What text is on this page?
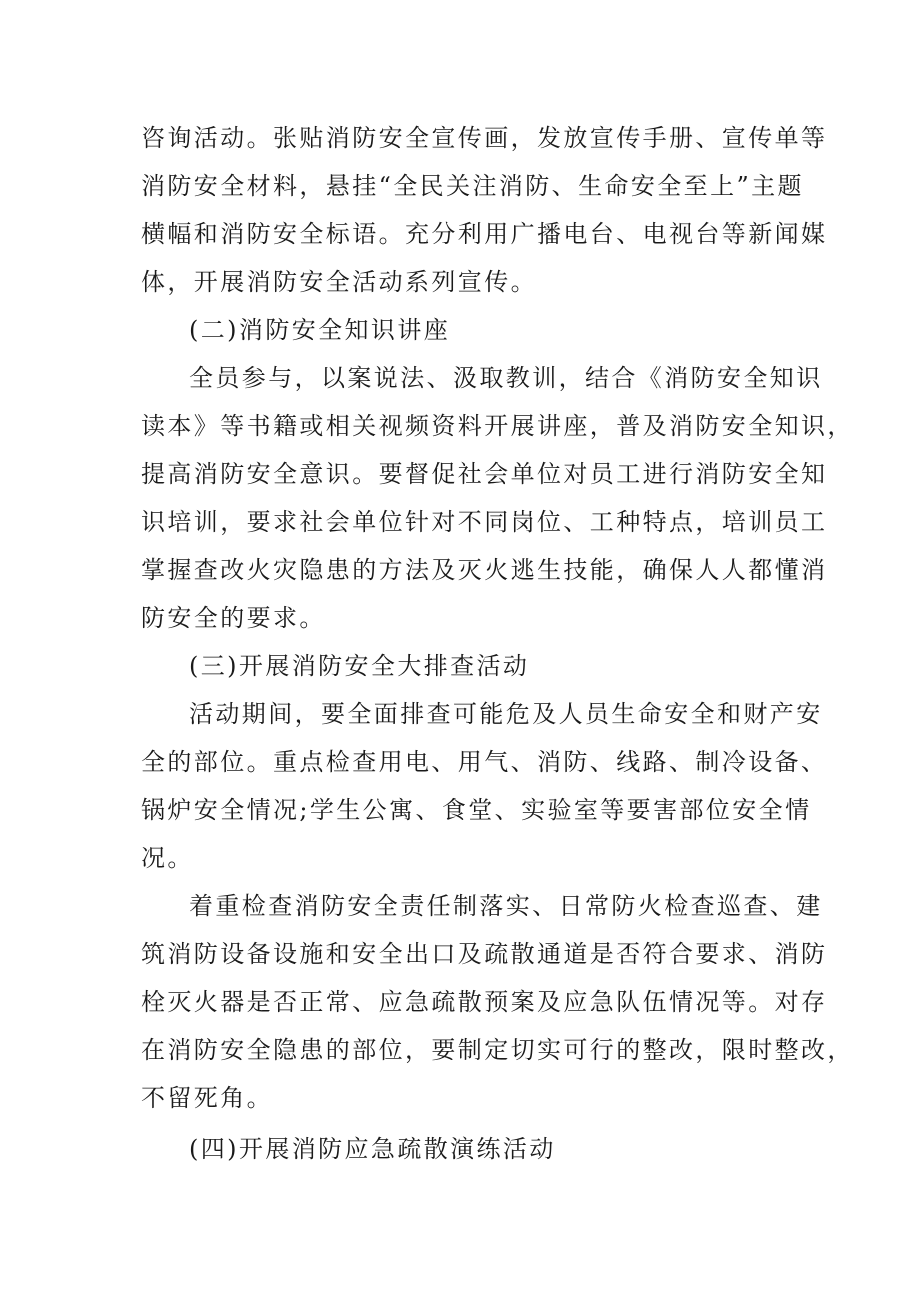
咨询活动。张贴消防安全宣传画，发放宣传手册、宣传单等
消防安全材料，悬挂“全民关注消防、生命安全至上”主题
横幅和消防安全标语。充分利用广播电台、电视台等新闻媒
体，开展消防安全活动系列宣传。
(二)消防安全知识讲座
全员参与，以案说法、汲取教训，结合《消防安全知识
读本》等书籍或相关视频资料开展讲座，普及消防安全知识，
提高消防安全意识。要督促社会单位对员工进行消防安全知
识培训，要求社会单位针对不同岗位、工种特点，培训员工
掌握查改火灾隐患的方法及灭火逃生技能，确保人人都懂消
防安全的要求。
(三)开展消防安全大排查活动
活动期间，要全面排查可能危及人员生命安全和财产安
全的部位。重点检查用电、用气、消防、线路、制冷设备、
锅炉安全情况;学生公寓、食堂、实验室等要害部位安全情
况。
着重检查消防安全责任制落实、日常防火检查巡查、建
筑消防设备设施和安全出口及疏散通道是否符合要求、消防
栓灭火器是否正常、应急疏散预案及应急队伍情况等。对存
在消防安全隐患的部位，要制定切实可行的整改，限时整改，
不留死角。
(四)开展消防应急疏散演练活动
